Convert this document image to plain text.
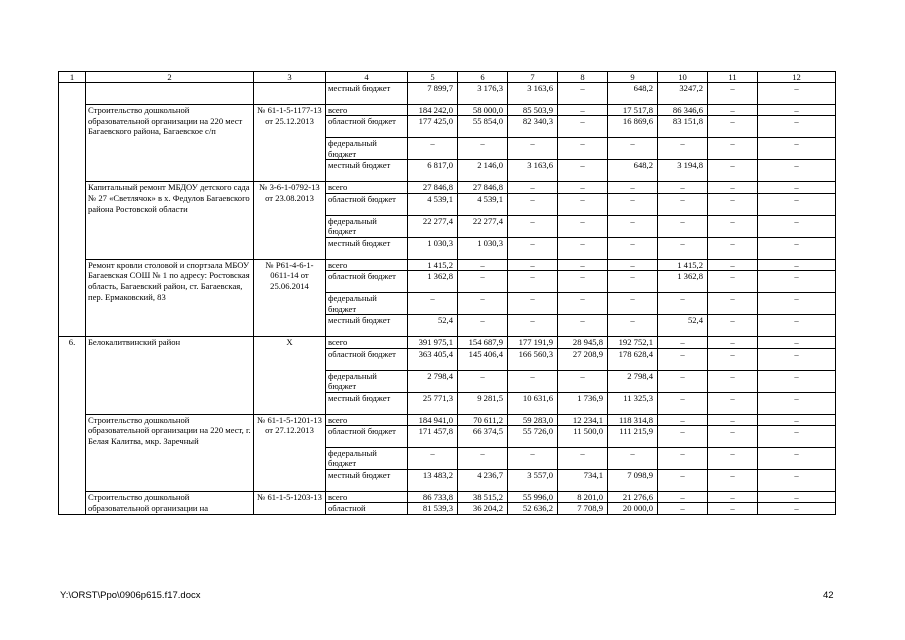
1	2	3	4	5	6	7	8	9	10	11	12
			местный бюджет	7 899,7	3 176,3	3 163,6	–	648,2	3247,2	–	–
	Строительство дошкольной образовательной организации на 220 мест Багаевского района, Багаевское с/п	№ 61-1-5-1177-13 от 25.12.2013	всего	184 242,0	58 000,0	85 503,9	–	17 517,8	86 346,6	–	–
			областной бюджет	177 425,0	55 854,0	82 340,3	–	16 869,6	83 151,8	–	–
			федеральный бюджет	–	–	–	–	–	–	–	–
			местный бюджет	6 817,0	2 146,0	3 163,6	–	648,2	3 194,8	–	–
	Капитальный ремонт МБДОУ детского сада № 27 «Светлячок» в х. Федулов Багаевского района Ростовской области	№ 3-6-1-0792-13 от 23.08.2013	всего	27 846,8	27 846,8	–	–	–	–	–	–
			областной бюджет	4 539,1	4 539,1	–	–	–	–	–	–
			федеральный бюджет	22 277,4	22 277,4	–	–	–	–	–	–
			местный бюджет	1 030,3	1 030,3	–	–	–	–	–	–
	Ремонт кровли столовой и спортзала МБОУ Багаевская СОШ № 1 по адресу: Ростовская область, Багаевский район, ст. Багаевская, пер. Ермаковский, 83	№ Р61-4-6-1-0611-14 от 25.06.2014	всего	1 415,2	–	–	–	–	1 415,2	–	–
			областной бюджет	1 362,8	–	–	–	–	1 362,8	–	–
			федеральный бюджет	–	–	–	–	–	–	–	–
			местный бюджет	52,4	–	–	–	–	52,4	–	–
6.	Белокалитвинский район	Х	всего	391 975,1	154 687,9	177 191,9	28 945,8	192 752,1	–	–	–
			областной бюджет	363 405,4	145 406,4	166 560,3	27 208,9	178 628,4	–	–	–
			федеральный бюджет	2 798,4	–	–	–	2 798,4	–	–	–
			местный бюджет	25 771,3	9 281,5	10 631,6	1 736,9	11 325,3	–	–	–
	Строительство дошкольной образовательной организации на 220 мест, г. Белая Калитва, мкр. Заречный	№ 61-1-5-1201-13 от 27.12.2013	всего	184 941,0	70 611,2	59 283,0	12 234,1	118 314,8	–	–	–
			областной бюджет	171 457,8	66 374,5	55 726,0	11 500,0	111 215,9	–	–	–
			федеральный бюджет	–	–	–	–	–	–	–	–
			местный бюджет	13 483,2	4 236,7	3 557,0	734,1	7 098,9	–	–	–
	Строительство дошкольной образовательной организации на	№ 61-1-5-1203-13	всего	86 733,8	38 515,2	55 996,0	8 201,0	21 276,6	–	–	–
			областной	81 539,3	36 204,2	52 636,2	7 708,9	20 000,0	–	–	–
Y:\ORST\Ppo\0906p615.f17.docx	42
